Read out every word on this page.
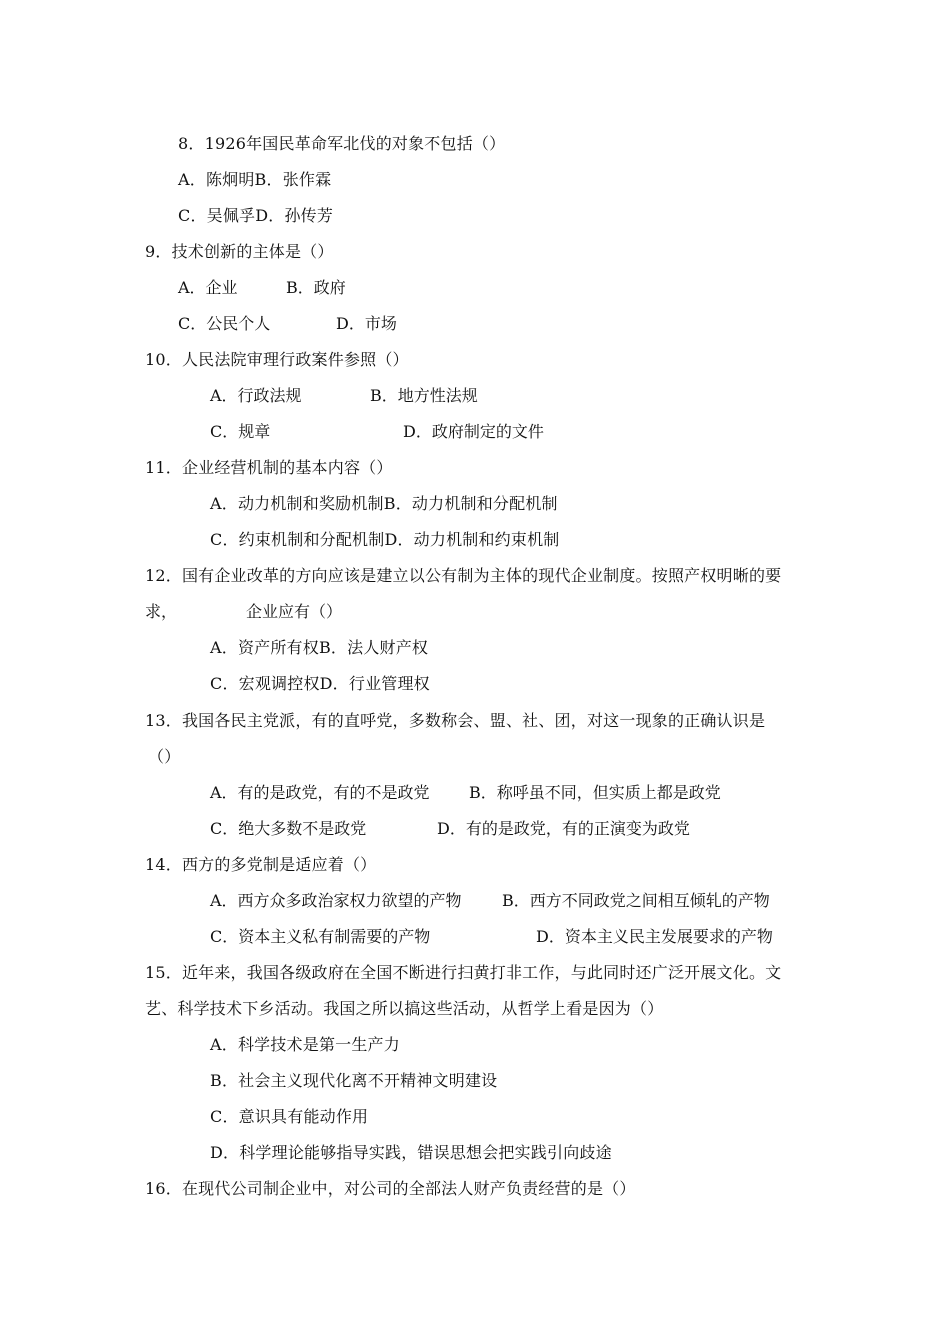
8．1926年国民革命军北伐的对象不包括（）
A．陈炯明B．张作霖
C．吴佩孚D．孙传芳
9．技术创新的主体是（）
A．企业	B．政府
C．公民个人	D．市场
10．人民法院审理行政案件参照（）
A．行政法规	B．地方性法规
C．规章	D．政府制定的文件
11．企业经营机制的基本内容（）
A．动力机制和奖励机制B．动力机制和分配机制
C．约束机制和分配机制D．动力机制和约束机制
12．国有企业改革的方向应该是建立以公有制为主体的现代企业制度。按照产权明晰的要
求，	企业应有（）
A．资产所有权B．法人财产权
C．宏观调控权D．行业管理权
13．我国各民主党派，有的直呼党，多数称会、盟、社、团，对这一现象的正确认识是
（）
A．有的是政党，有的不是政党 B．称呼虽不同，但实质上都是政党
C．绝大多数不是政党	D．有的是政党，有的正演变为政党
14．西方的多党制是适应着（）
A．西方众多政治家权力欲望的产物	B．西方不同政党之间相互倾轧的产物
C．资本主义私有制需要的产物	D．资本主义民主发展要求的产物
15．近年来，我国各级政府在全国不断进行扫黄打非工作，与此同时还广泛开展文化。文
艺、科学技术下乡活动。我国之所以搞这些活动，从哲学上看是因为（）
A．科学技术是第一生产力
B．社会主义现代化离不开精神文明建设
C．意识具有能动作用
D．科学理论能够指导实践，错误思想会把实践引向歧途
16．在现代公司制企业中，对公司的全部法人财产负责经营的是（）
